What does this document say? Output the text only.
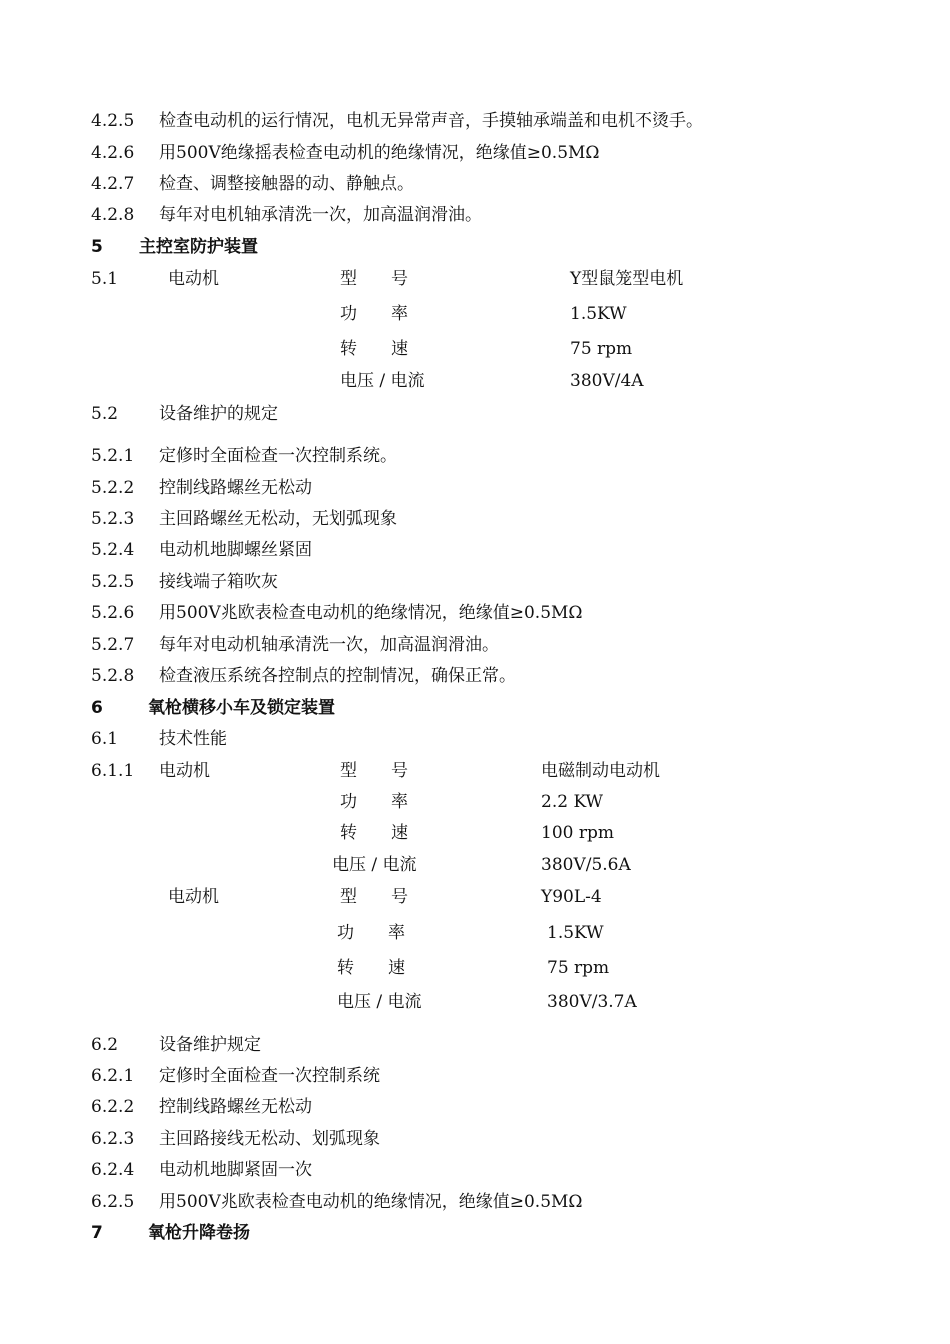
4.2.5 检查电动机的运行情况，电机无异常声音，手摸轴承端盖和电机不烫手。
4.2.6 用500V绝缘摇表检查电动机的绝缘情况，绝缘值≥0.5MΩ
4.2.7 检查、调整接触器的动、静触点。
4.2.8 每年对电机轴承清洗一次，加高温润滑油。
5 主控室防护装置
5.1	电动机	型　　号	Y型鼠笼型电机
功　　率	1.5KW
转　　速	75 rpm
电压 / 电流	380V/4A
5.2 设备维护的规定
5.2.1 定修时全面检查一次控制系统。
5.2.2 控制线路螺丝无松动
5.2.3 主回路螺丝无松动，无划弧现象
5.2.4 电动机地脚螺丝紧固
5.2.5 接线端子箱吹灰
5.2.6 用500V兆欧表检查电动机的绝缘情况，绝缘值≥0.5MΩ
5.2.7 每年对电动机轴承清洗一次，加高温润滑油。
5.2.8 检查液压系统各控制点的控制情况，确保正常。
6	氧枪横移小车及锁定装置
6.1 技术性能
6.1.1 电动机	型　　号	电磁制动电动机
功　　率	2.2 KW
转　　速	100 rpm
电压 / 电流	380V/5.6A
电动机	型　　号	Y90L-4
功　　率	1.5KW
转　　速	75 rpm
电压 / 电流	380V/3.7A
6.2 设备维护规定
6.2.1 定修时全面检查一次控制系统
6.2.2 控制线路螺丝无松动
6.2.3 主回路接线无松动、划弧现象
6.2.4 电动机地脚紧固一次
6.2.5 用500V兆欧表检查电动机的绝缘情况，绝缘值≥0.5MΩ
7	氧枪升降卷扬
